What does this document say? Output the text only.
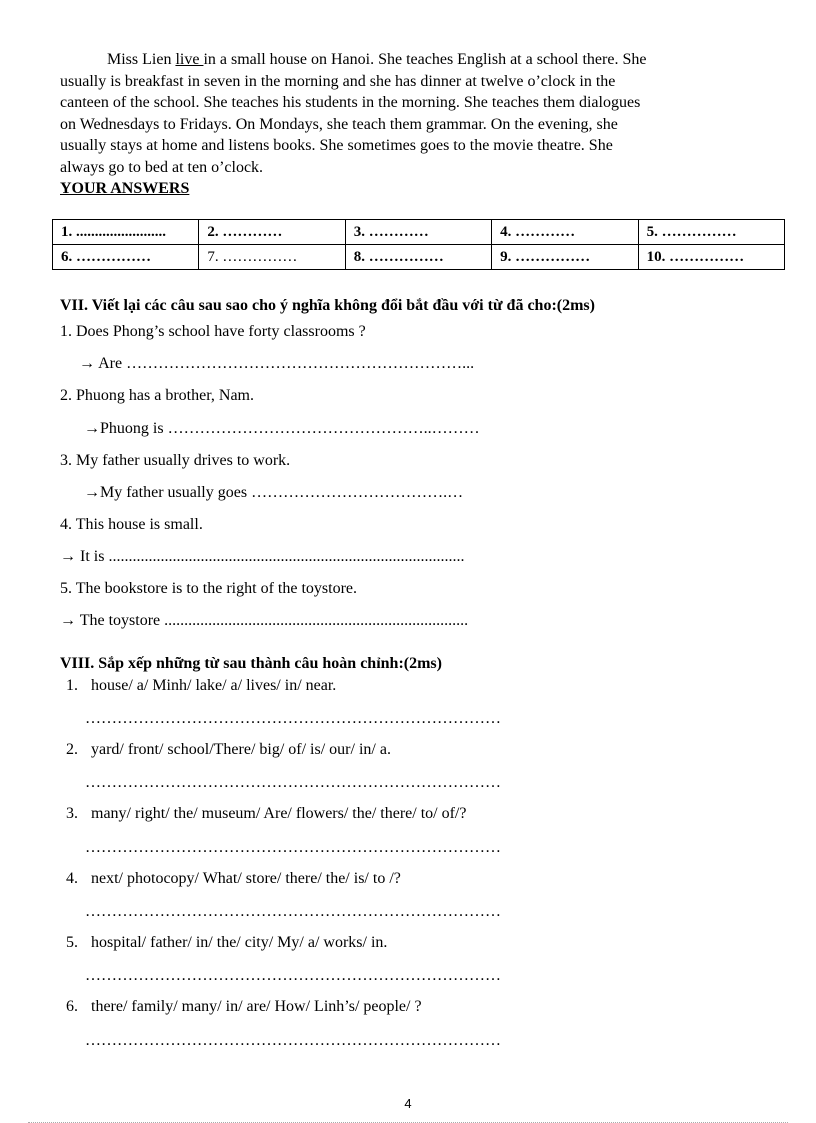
Miss Lien live in a small house on Hanoi. She teaches English at a school there. She
usually is breakfast in seven in the morning and she has dinner at twelve o’clock in the
canteen of the school. She teaches his students in the morning. She teaches them dialogues
on Wednesdays to Fridays. On Mondays, she teach them grammar. On the evening, she
usually stays at home and listens books. She sometimes goes to the movie theatre. She
always go to bed at ten o’clock.
YOUR ANSWERS
1. ........................	2. …………	3. …………	4. …………	5. ……………
6. ……………	7. ……………	8. ……………	9. ……………	10. ……………
VII. Viết lại các câu sau sao cho ý nghĩa không đổi bắt đầu với từ đã cho:(2ms)
1. Does Phong’s school have forty classrooms ?
→ Are ………………………………………………………...
2. Phuong has a brother, Nam.
→Phuong is …………………………………………..………
3. My father usually drives to work.
→My father usually goes ……………………………….…
4. This house is small.
→ It is .........................................................................................
5. The bookstore is to the right of the toystore.
→ The toystore ............................................................................
VIII. Sắp xếp những từ sau thành câu hoàn chỉnh:(2ms)
1. house/ a/ Minh/ lake/ a/ lives/ in/ near.
……………………………………………………………………
2. yard/ front/ school/There/ big/ of/ is/ our/ in/ a.
……………………………………………………………………
3. many/ right/ the/ museum/ Are/ flowers/ the/ there/ to/ of/?
……………………………………………………………………
4. next/ photocopy/ What/ store/ there/ the/ is/ to /?
……………………………………………………………………
5. hospital/ father/ in/ the/ city/ My/ a/ works/ in.
……………………………………………………………………
6. there/ family/ many/ in/ are/ How/ Linh’s/ people/ ?
……………………………………………………………………
4
